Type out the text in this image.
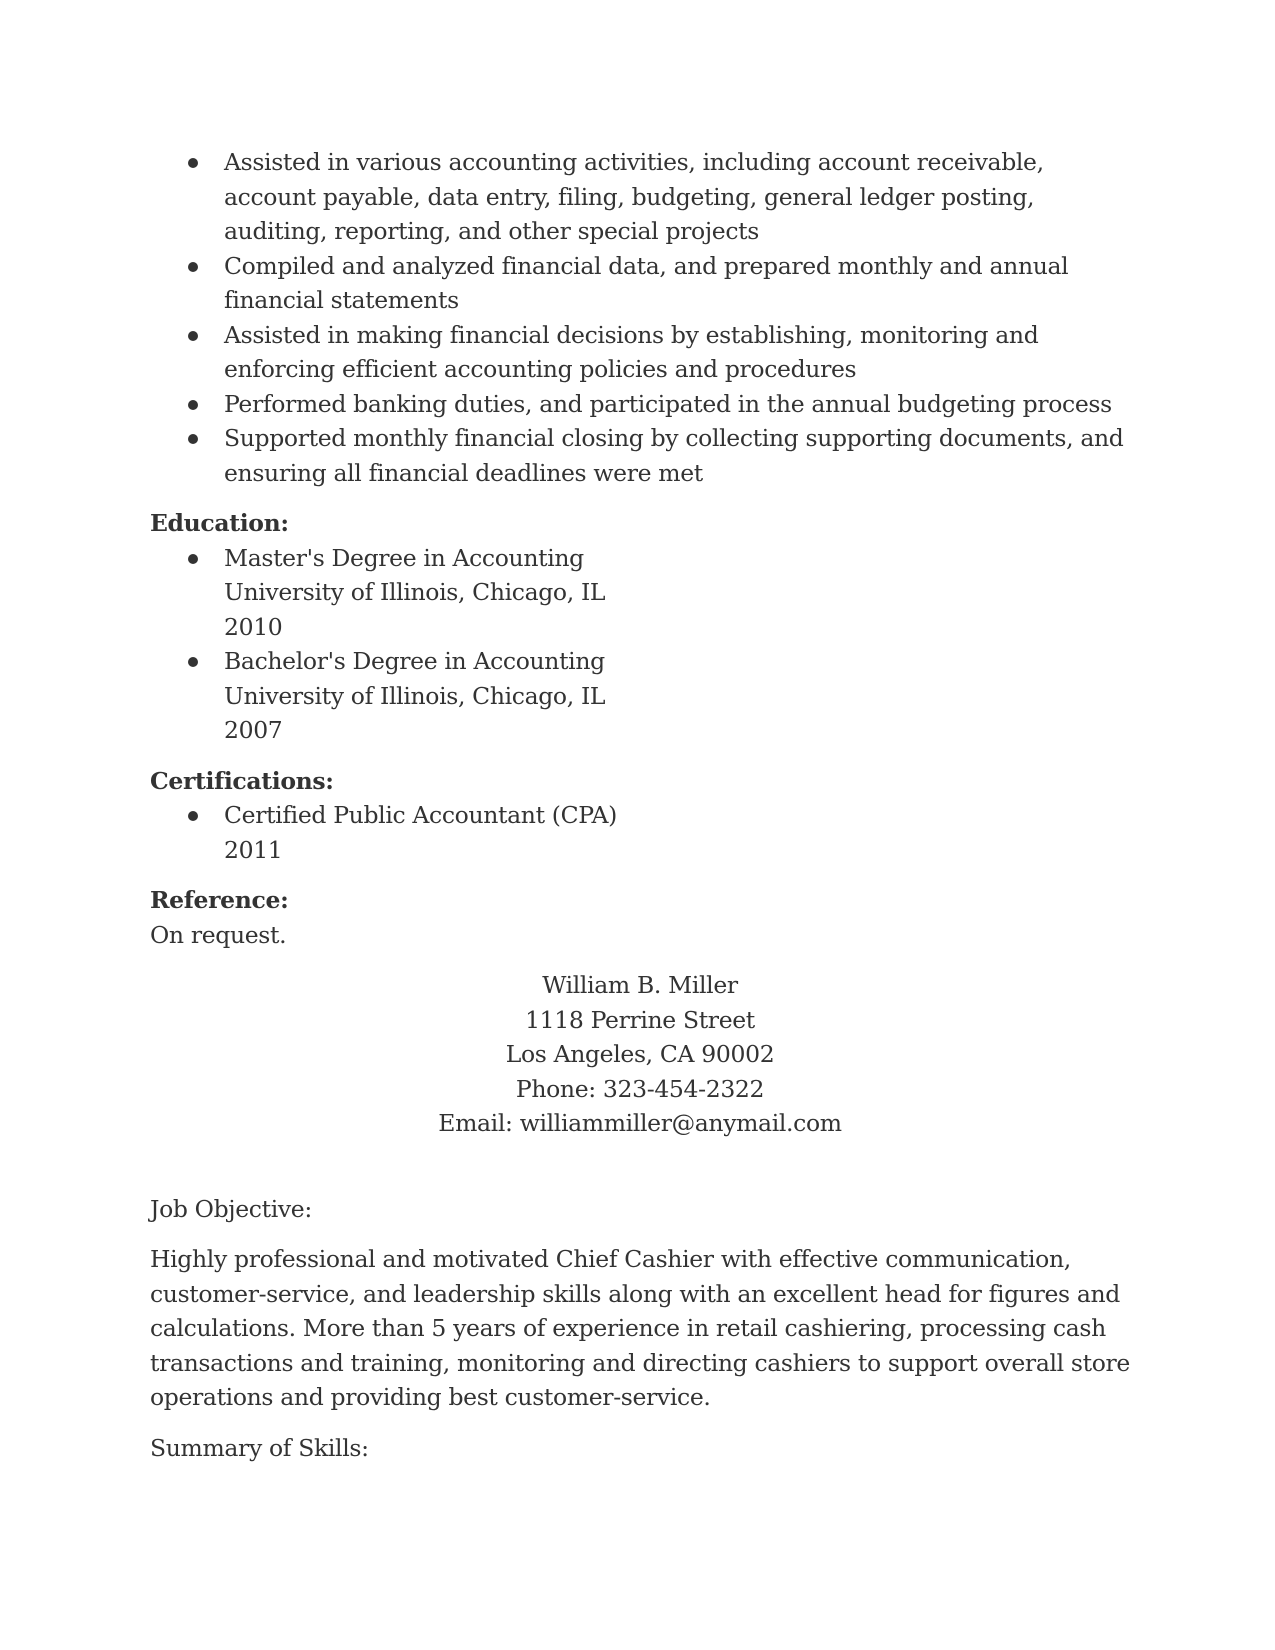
Assisted in various accounting activities, including account receivable, account payable, data entry, filing, budgeting, general ledger posting, auditing, reporting, and other special projects
Compiled and analyzed financial data, and prepared monthly and annual financial statements
Assisted in making financial decisions by establishing, monitoring and enforcing efficient accounting policies and procedures
Performed banking duties, and participated in the annual budgeting process
Supported monthly financial closing by collecting supporting documents, and ensuring all financial deadlines were met
Education:
Master's Degree in Accounting
University of Illinois, Chicago, IL
2010
Bachelor's Degree in Accounting
University of Illinois, Chicago, IL
2007
Certifications:
Certified Public Accountant (CPA)
2011
Reference:
On request.
William B. Miller
1118 Perrine Street
Los Angeles, CA 90002
Phone: 323-454-2322
Email: williammiller@anymail.com
Job Objective:
Highly professional and motivated Chief Cashier with effective communication, customer-service, and leadership skills along with an excellent head for figures and calculations. More than 5 years of experience in retail cashiering, processing cash transactions and training, monitoring and directing cashiers to support overall store operations and providing best customer-service.
Summary of Skills:
